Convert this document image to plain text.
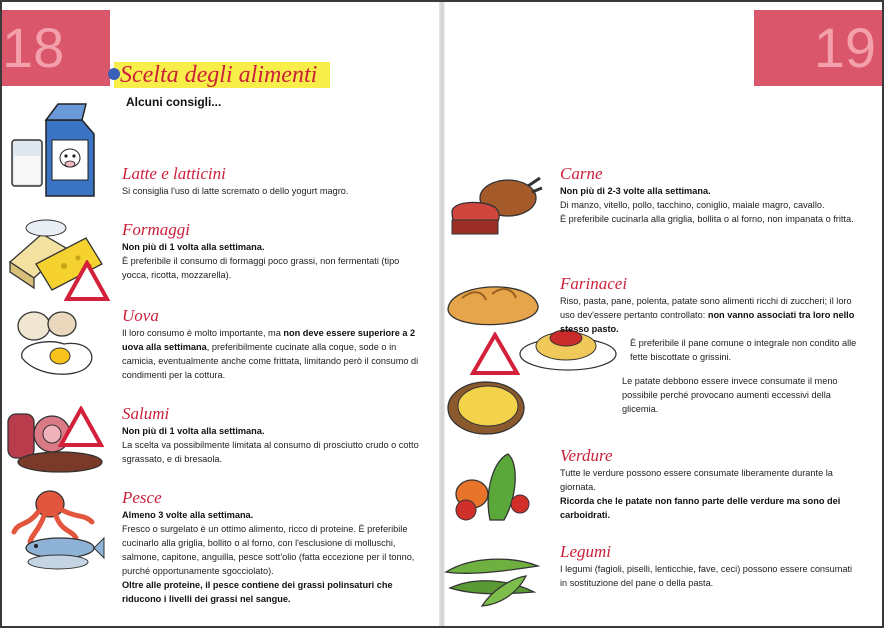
18	Scelta degli alimenti
Alcuni consigli...
Latte e latticini

Si consiglia l'uso di latte scremato o dello yogurt magro.

Formaggi

Non più di 1 volta alla settimana.

È preferibile il consumo di formaggi poco grassi, non fermentati (tipo yocca, ricotta, mozzarella).

Uova

Il loro consumo è molto importante, ma non deve essere superiore a 2 uova alla settimana, preferibilmente cucinate alla coque, sode o in camicia, eventualmente anche come frittata, limitando però il consumo di condimenti per la cottura.

Salumi

Non più di 1 volta alla settimana.

La scelta va possibilmente limitata al consumo di prosciutto crudo o cotto sgrassato, e di bresaola.

Pesce

Almeno 3 volte alla settimana.

Fresco o surgelato è un ottimo alimento, ricco di proteine. È preferibile cucinarlo alla griglia, bollito o al forno, con l'esclusione di molluschi, salmone, capitone, anguilla, pesce sott'olio (fatta eccezione per il tonno, purché opportunamente sgocciolato).

Oltre alle proteine, il pesce contiene dei grassi polinsaturi che riducono i livelli dei grassi nel sangue.

19
Carne

Non più di 2-3 volte alla settimana.

Di manzo, vitello, pollo, tacchino, coniglio, maiale magro, cavallo.

È preferibile cucinarla alla griglia, bollita o al forno, non impanata o fritta.

Farinacei

Riso, pasta, pane, polenta, patate sono alimenti ricchi di zuccheri; il loro uso dev'essere pertanto controllato: non vanno associati tra loro nello stesso pasto.

È preferibile il pane comune o integrale non condito alle fette biscottate o grissini.

Le patate debbono essere invece consumate il meno possibile perché provocano aumenti eccessivi della glicemia.

Verdure

Tutte le verdure possono essere consumate liberamente durante la giornata.

Ricorda che le patate non fanno parte delle verdure ma sono dei carboidrati.

Legumi

I legumi (fagioli, piselli, lenticchie, fave, ceci) possono essere consumati in sostituzione del pane o della pasta.
